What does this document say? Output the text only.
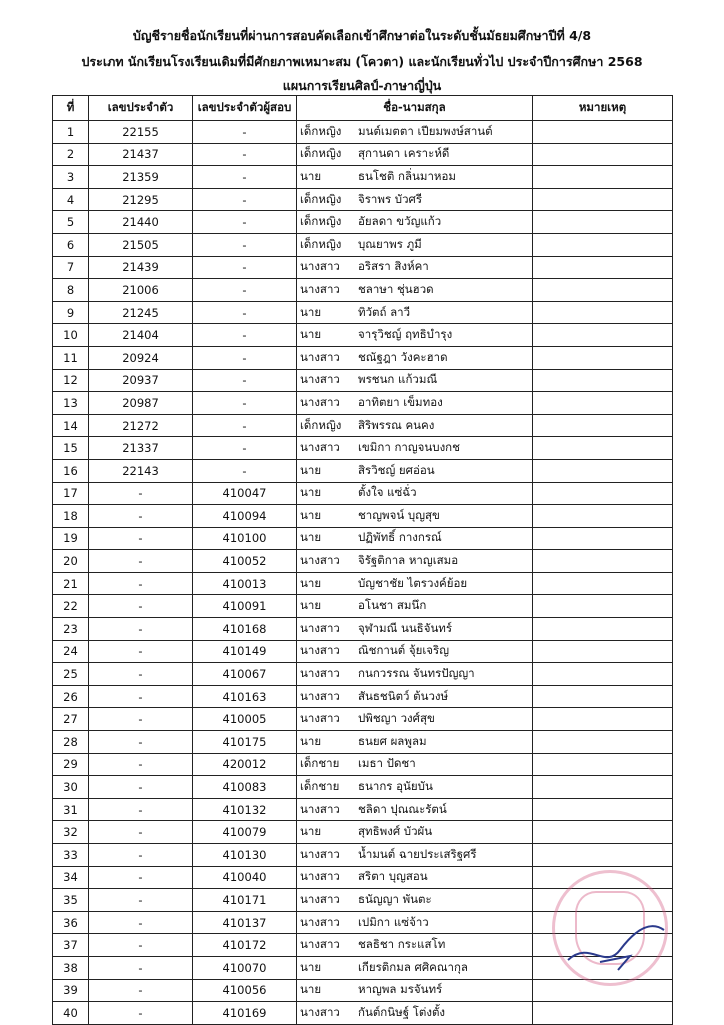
บัญชีรายชื่อนักเรียนที่ผ่านการสอบคัดเลือกเข้าศึกษาต่อในระดับชั้นมัธยมศึกษาปีที่ 4/8
ประเภท นักเรียนโรงเรียนเดิมที่มีศักยภาพเหมาะสม (โควตา) และนักเรียนทั่วไป ประจำปีการศึกษา 2568
แผนการเรียนศิลป์-ภาษาญี่ปุ่น
ที่	เลขประจำตัว	เลขประจำตัวผู้สอบ	ชื่อ-นามสกุล	หมายเหตุ
1	22155	-	เด็กหญิง มนต์เมตตา เปียมพงษ์สานต์	
2	21437	-	เด็กหญิง สุกานดา เคราะห์ดี	
3	21359	-	นาย ธนโชติ กลิ่นมาหอม	
4	21295	-	เด็กหญิง จิราพร บัวศรี	
5	21440	-	เด็กหญิง อัยลดา ขวัญแก้ว	
6	21505	-	เด็กหญิง บุณยาพร ภูมี	
7	21439	-	นางสาว อริสรา สิงห์คา	
8	21006	-	นางสาว ชลาษา ชุ่นฮวด	
9	21245	-	นาย ทิวัตถ์ ลาวี	
10	21404	-	นาย จารุวิชญ์ ฤทธิบำรุง	
11	20924	-	นางสาว ชณัฐฎา วังคะฮาด	
12	20937	-	นางสาว พรชนก แก้วมณี	
13	20987	-	นางสาว อาทิตยา เข็มทอง	
14	21272	-	เด็กหญิง สิริพรรณ คนคง	
15	21337	-	นางสาว เขมิกา กาญจนบงกช	
16	22143	-	นาย สิรวิชญ์ ยศอ่อน	
17	-	410047	นาย ตั้งใจ แซ่ฉั่ว	
18	-	410094	นาย ชาญพจน์ บุญสุข	
19	-	410100	นาย ปฏิพัทธิ์ กางกรณ์	
20	-	410052	นางสาว จิรัฐติกาล หาญเสมอ	
21	-	410013	นาย บัญชาชัย ไตรวงค์ย้อย	
22	-	410091	นาย อโนชา สมนึก	
23	-	410168	นางสาว จุฬามณี นนธิจันทร์	
24	-	410149	นางสาว ณิชกานต์ จุ้ยเจริญ	
25	-	410067	นางสาว กนกวรรณ จันทรปัญญา	
26	-	410163	นางสาว สันธชนิตว์ ต้นวงษ์	
27	-	410005	นางสาว ปพิชญา วงศ์สุข	
28	-	410175	นาย ธนยศ ผลพูลม	
29	-	420012	เด็กชาย เมธา ปัดชา	
30	-	410083	เด็กชาย ธนากร อุนัยบัน	
31	-	410132	นางสาว ชลิดา ปุณณะรัตน์	
32	-	410079	นาย สุทธิพงศ์ บัวผัน	
33	-	410130	นางสาว น้ำมนต์ ฉายประเสริฐศรี	
34	-	410040	นางสาว สริตา บุญสอน	
35	-	410171	นางสาว ธนัญญา พันตะ	
36	-	410137	นางสาว เปมิกา แซ่จ้าว	
37	-	410172	นางสาว ชลธิชา กระแสโท	
38	-	410070	นาย เกียรติกมล ศศิคณากุล	
39	-	410056	นาย หาญพล มรจันทร์	
40	-	410169	นางสาว กันต์กนิษฐ์ โต่งตั้ง	
